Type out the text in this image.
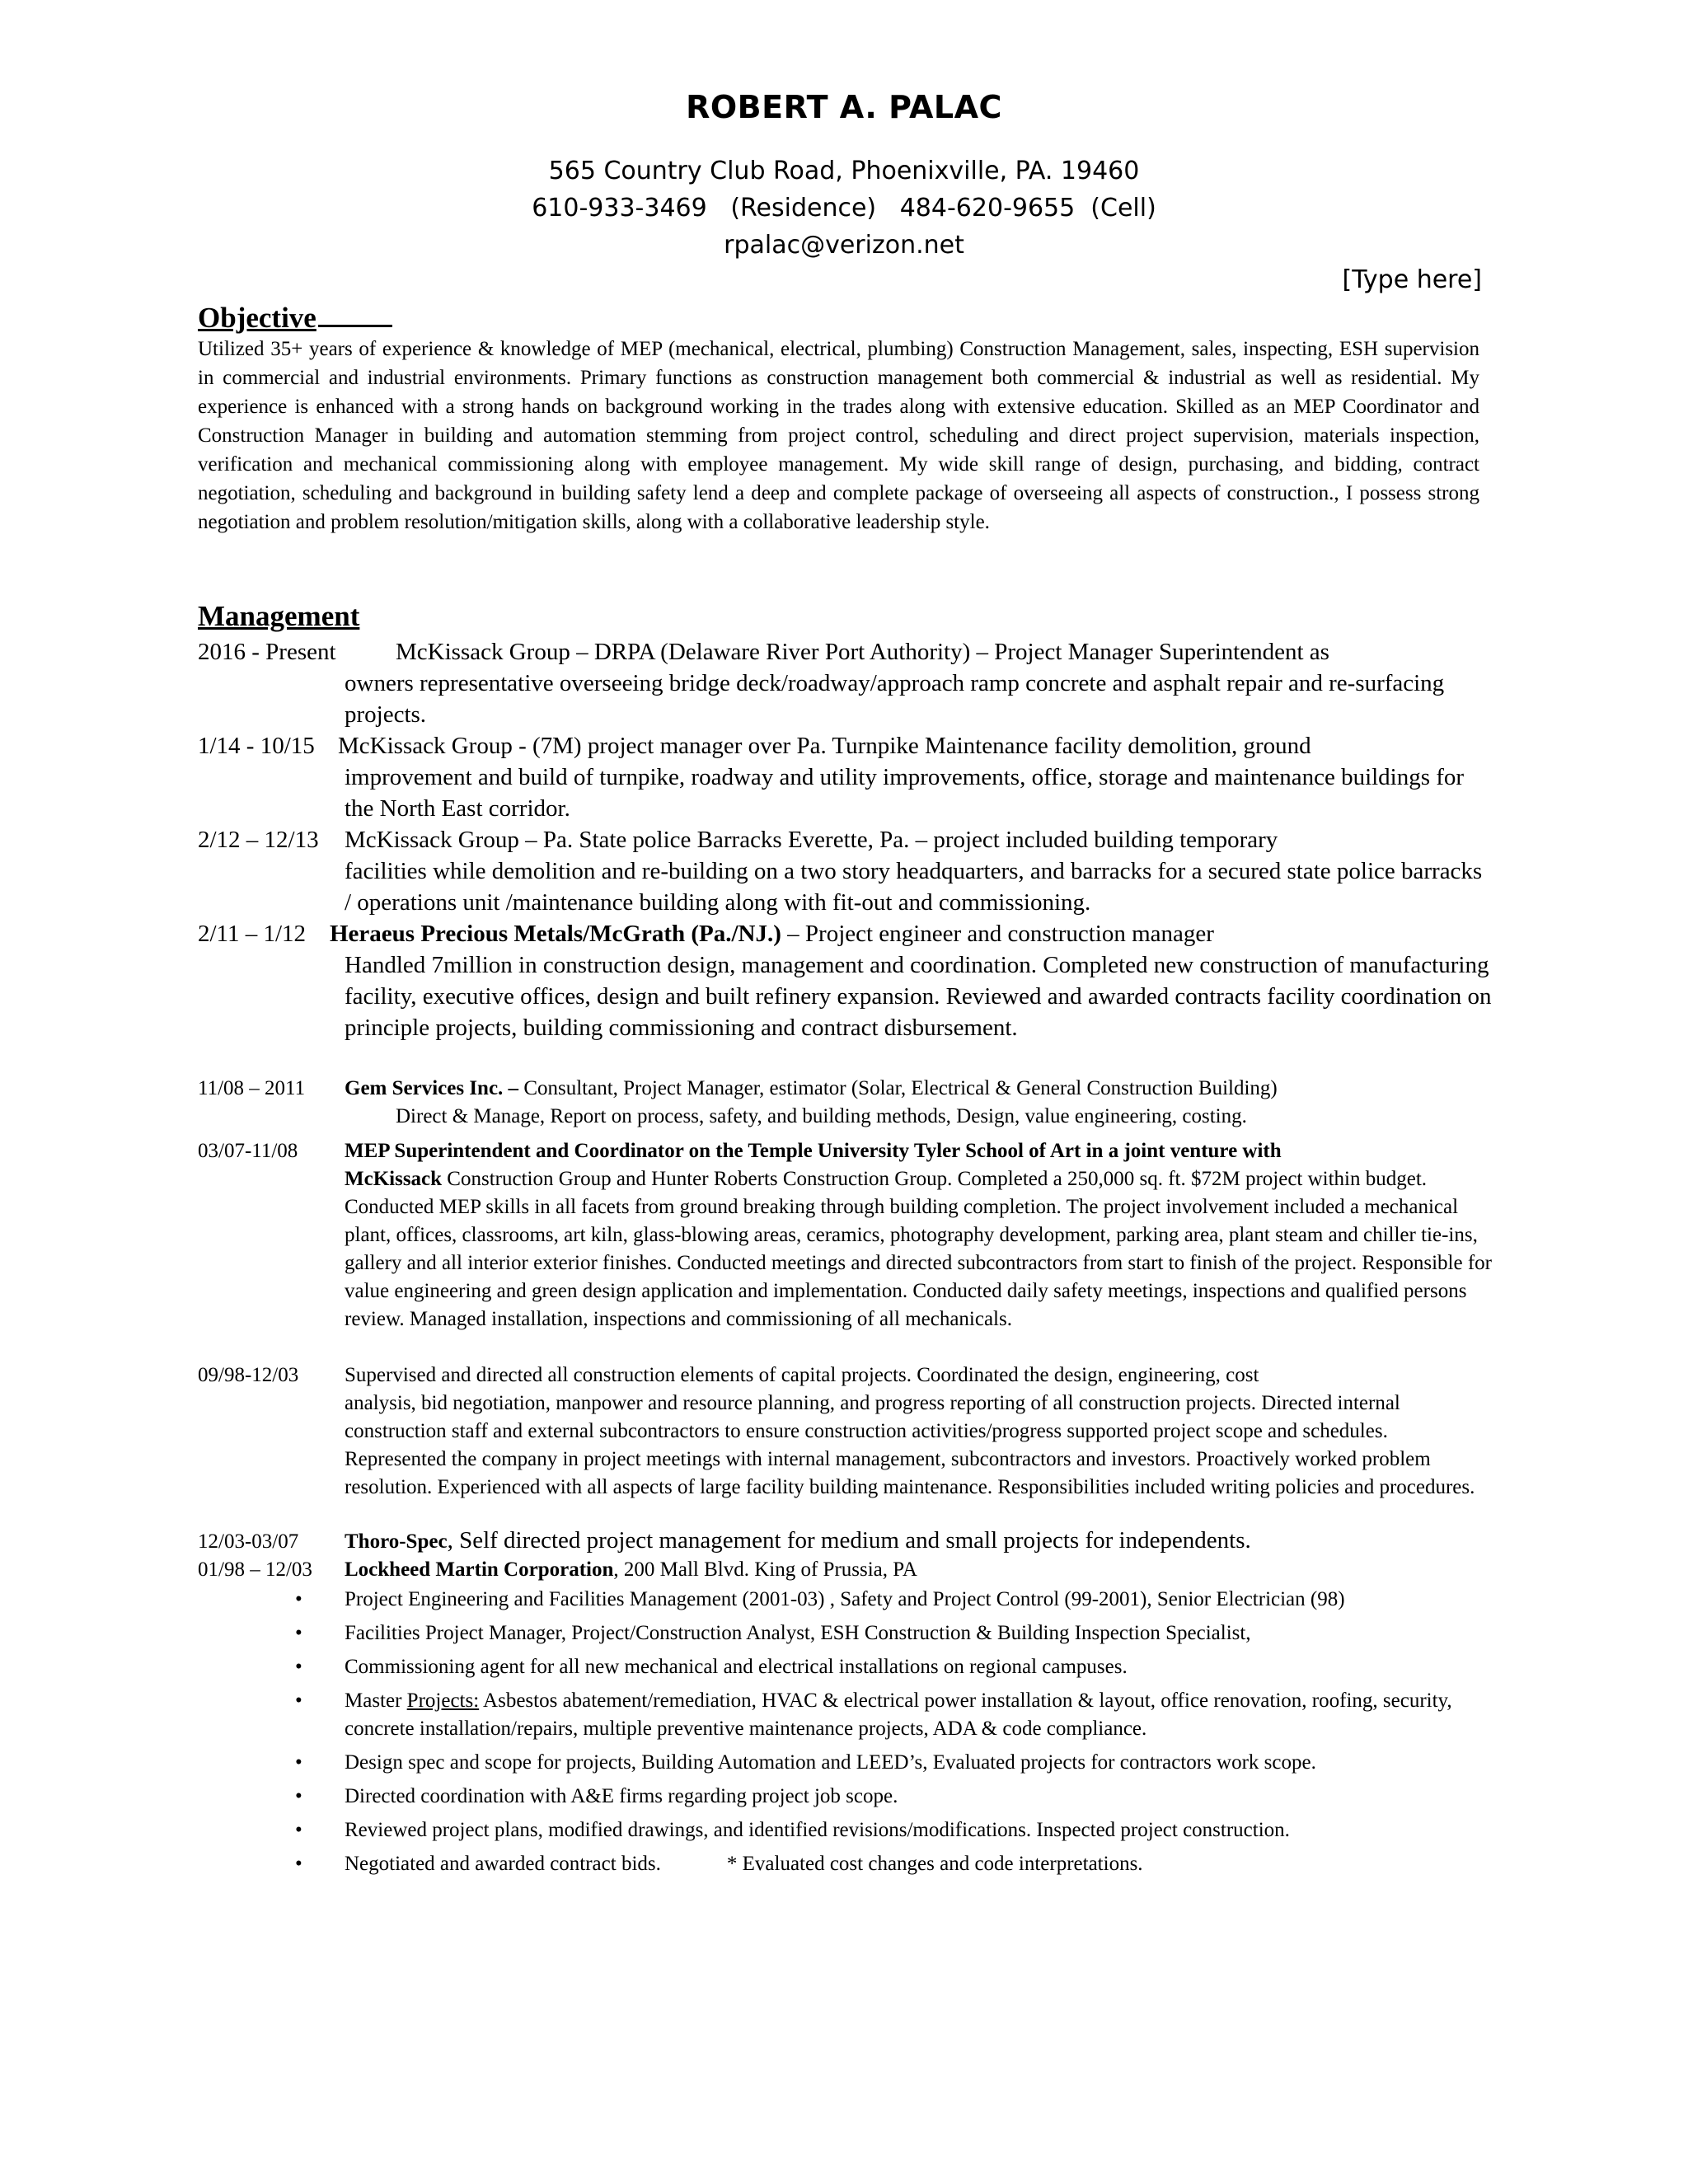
ROBERT A. PALAC
565 Country Club Road, Phoenixville, PA. 19460
610-933-3469   (Residence)   484-620-9655  (Cell)
rpalac@verizon.net
[Type here]
Objective
Utilized 35+ years of experience & knowledge of MEP (mechanical, electrical, plumbing) Construction Management, sales, inspecting, ESH supervision in commercial and industrial environments. Primary functions as construction management both commercial & industrial as well as residential. My experience is enhanced with a strong hands on background working in the trades along with extensive education. Skilled as an MEP Coordinator and Construction Manager in building and automation stemming from project control, scheduling and direct project supervision, materials inspection, verification and mechanical commissioning along with employee management. My wide skill range of design, purchasing, and bidding, contract negotiation, scheduling and background in building safety lend a deep and complete package of overseeing all aspects of construction., I possess strong negotiation and problem resolution/mitigation skills, along with a collaborative leadership style.
Management
2016 - Present McKissack Group – DRPA (Delaware River Port Authority) – Project Manager Superintendent as
owners representative overseeing bridge deck/roadway/approach ramp concrete and asphalt repair and re-surfacing projects.
1/14 - 10/15 McKissack Group - (7M) project manager over Pa. Turnpike Maintenance facility demolition, ground
improvement and build of turnpike, roadway and utility improvements, office, storage and maintenance buildings for the North East corridor.
2/12 – 12/13 McKissack Group – Pa. State police Barracks Everette, Pa. – project included building temporary
facilities while demolition and re-building on a two story headquarters, and barracks for a secured state police barracks / operations unit /maintenance building along with fit-out and commissioning.
2/11 – 1/12 Heraeus Precious Metals/McGrath (Pa./NJ.) – Project engineer and construction manager
Handled 7million in construction design, management and coordination. Completed new construction of manufacturing facility, executive offices, design and built refinery expansion. Reviewed and awarded contracts facility coordination on principle projects, building commissioning and contract disbursement.
11/08 – 2011 Gem Services Inc. – Consultant, Project Manager, estimator (Solar, Electrical & General Construction Building)
Direct & Manage, Report on process, safety, and building methods, Design, value engineering, costing.
03/07-11/08 MEP Superintendent and Coordinator on the Temple University Tyler School of Art in a joint venture with
McKissack Construction Group and Hunter Roberts Construction Group. Completed a 250,000 sq. ft. $72M project within budget. Conducted MEP skills in all facets from ground breaking through building completion. The project involvement included a mechanical plant, offices, classrooms, art kiln, glass-blowing areas, ceramics, photography development, parking area, plant steam and chiller tie-ins, gallery and all interior exterior finishes. Conducted meetings and directed subcontractors from start to finish of the project. Responsible for value engineering and green design application and implementation. Conducted daily safety meetings, inspections and qualified persons review. Managed installation, inspections and commissioning of all mechanicals.
09/98-12/03 Supervised and directed all construction elements of capital projects. Coordinated the design, engineering, cost
analysis, bid negotiation, manpower and resource planning, and progress reporting of all construction projects. Directed internal construction staff and external subcontractors to ensure construction activities/progress supported project scope and schedules. Represented the company in project meetings with internal management, subcontractors and investors. Proactively worked problem resolution. Experienced with all aspects of large facility building maintenance. Responsibilities included writing policies and procedures.
12/03-03/07 Thoro-Spec, Self directed project management for medium and small projects for independents.
01/98 – 12/03 Lockheed Martin Corporation, 200 Mall Blvd. King of Prussia, PA
• Project Engineering and Facilities Management (2001-03) , Safety and Project Control (99-2001), Senior Electrician (98)
• Facilities Project Manager, Project/Construction Analyst, ESH Construction & Building Inspection Specialist,
• Commissioning agent for all new mechanical and electrical installations on regional campuses.
• Master Projects: Asbestos abatement/remediation, HVAC & electrical power installation & layout, office renovation, roofing, security, concrete installation/repairs, multiple preventive maintenance projects, ADA & code compliance.
• Design spec and scope for projects, Building Automation and LEED’s, Evaluated projects for contractors work scope.
• Directed coordination with A&E firms regarding project job scope.
• Reviewed project plans, modified drawings, and identified revisions/modifications. Inspected project construction.
• Negotiated and awarded contract bids.	* Evaluated cost changes and code interpretations.
